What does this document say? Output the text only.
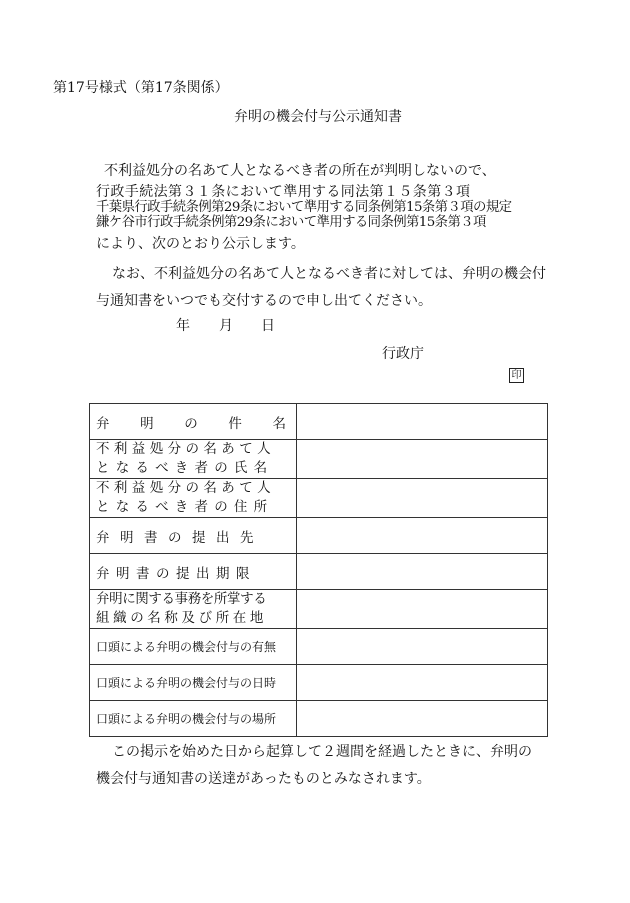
第17号様式（第17条関係）
弁明の機会付与公示通知書
不利益処分の名あて人となるべき者の所在が判明しないので、
行政手続法第３１条において準用する同法第１５条第３項
千葉県行政手続条例第29条において準用する同条例第15条第３項の規定
鎌ケ谷市行政手続条例第29条において準用する同条例第15条第３項
により、次のとおり公示します。
なお、不利益処分の名あて人となるべき者に対しては、弁明の機会付
与通知書をいつでも交付するので申し出てください。
年 月 日
行政庁
印
弁 明 の 件 名	

不利益処分の名あて人
となるべき者の氏名	

不利益処分の名あて人
となるべき者の住所	

弁明書の提出先	

弁明書の提出期限	

弁明に関する事務を所掌する
組織の名称及び所在地	

口頭による弁明の機会付与の有無	

口頭による弁明の機会付与の日時	

口頭による弁明の機会付与の場所	

この掲示を始めた日から起算して２週間を経過したときに、弁明の
機会付与通知書の送達があったものとみなされます。
